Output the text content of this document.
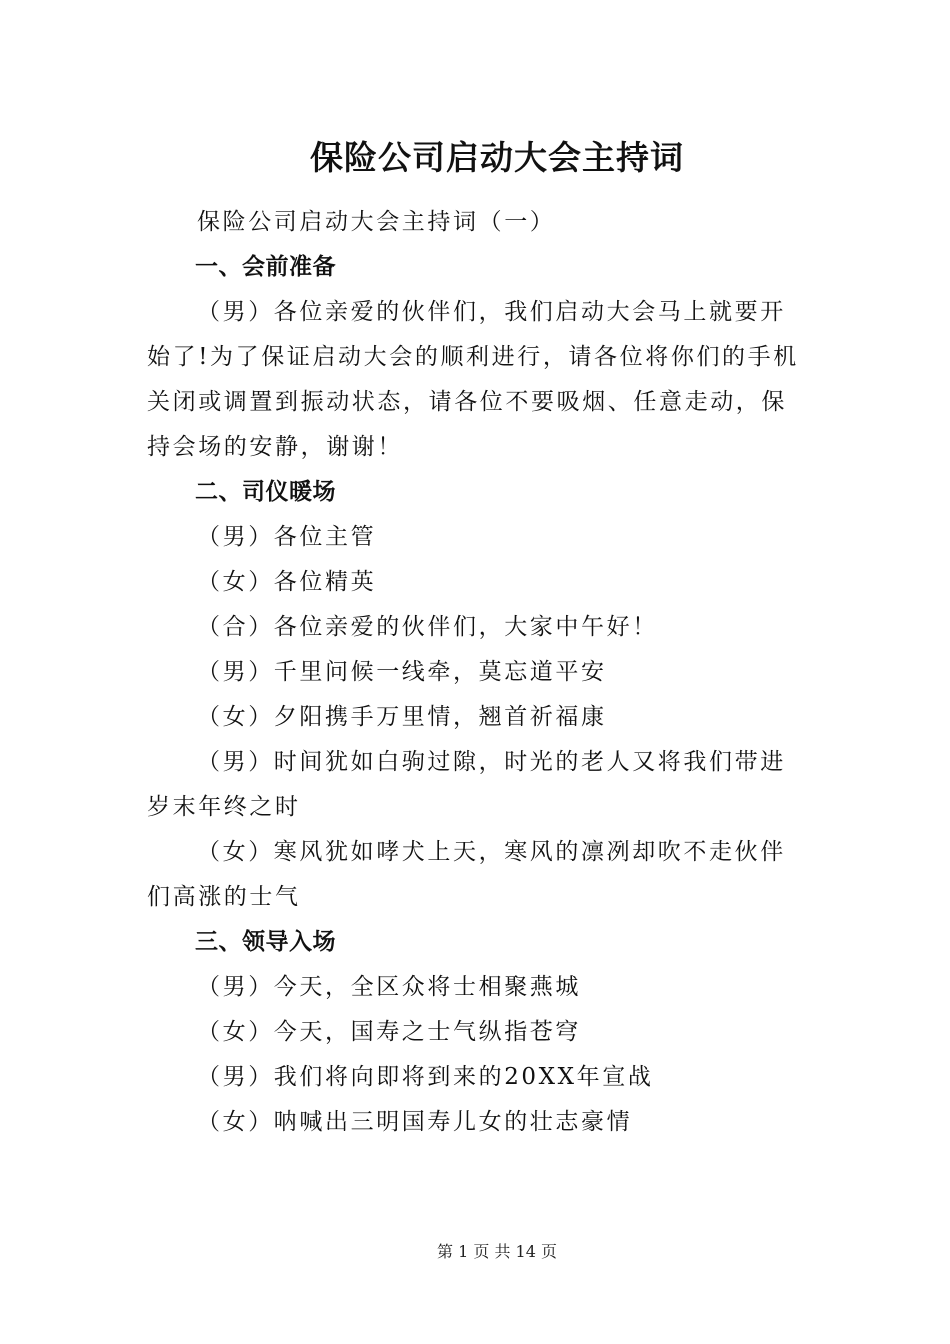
保险公司启动大会主持词

保险公司启动大会主持词（一）

一、会前准备

（男）各位亲爱的伙伴们，我们启动大会马上就要开始了!为了保证启动大会的顺利进行，请各位将你们的手机关闭或调置到振动状态，请各位不要吸烟、任意走动，保持会场的安静，谢谢！

二、司仪暖场

（男）各位主管

（女）各位精英

（合）各位亲爱的伙伴们，大家中午好！

（男）千里问候一线牵，莫忘道平安

（女）夕阳携手万里情，翘首祈福康

（男）时间犹如白驹过隙，时光的老人又将我们带进岁末年终之时

（女）寒风犹如哮犬上天，寒风的凛冽却吹不走伙伴们高涨的士气

三、领导入场

（男）今天，全区众将士相聚燕城

（女）今天，国寿之士气纵指苍穹

（男）我们将向即将到来的20XX年宣战

（女）呐喊出三明国寿儿女的壮志豪情

第 1 页 共 14 页
